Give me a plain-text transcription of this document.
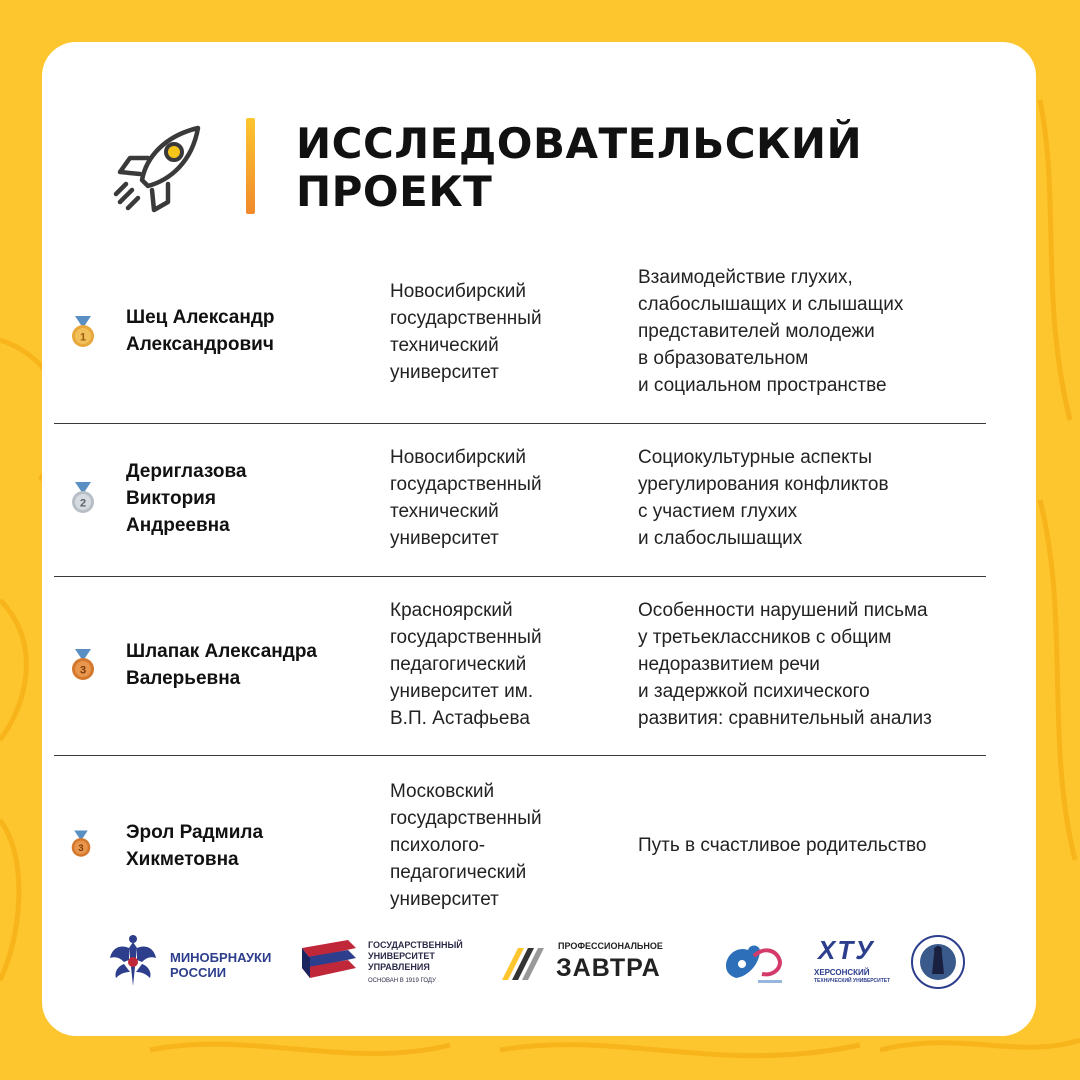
ИССЛЕДОВАТЕЛЬСКИЙ
ПРОЕКТ
1
Шец Александр
Александрович
Новосибирский
государственный
технический
университет
Взаимодействие глухих,
слабослышащих и слышащих
представителей молодежи
в образовательном
и социальном пространстве
2
Дериглазова
Виктория
Андреевна
Новосибирский
государственный
технический
университет
Социокультурные аспекты
урегулирования конфликтов
с участием глухих
и слабослышащих
3
Шлапак Александра
Валерьевна
Красноярский
государственный
педагогический
университет им.
В.П. Астафьева
Особенности нарушений письма
у третьеклассников с общим
недоразвитием речи
и задержкой психического
развития: сравнительный анализ
3
Эрол Радмила
Хикметовна
Московский
государственный
психолого-
педагогический
университет
Путь в счастливое родительство
МИНОБРНАУКИ
РОССИИ
ГОСУДАРСТВЕННЫЙ
УНИВЕРСИТЕТ
УПРАВЛЕНИЯ
ОСНОВАН В 1919 ГОДУ
ПРОФЕССИОНАЛЬНОЕ
ЗАВТРА
ХТУ
ХЕРСОНСКИЙ
ТЕХНИЧЕСКИЙ УНИВЕРСИТЕТ
